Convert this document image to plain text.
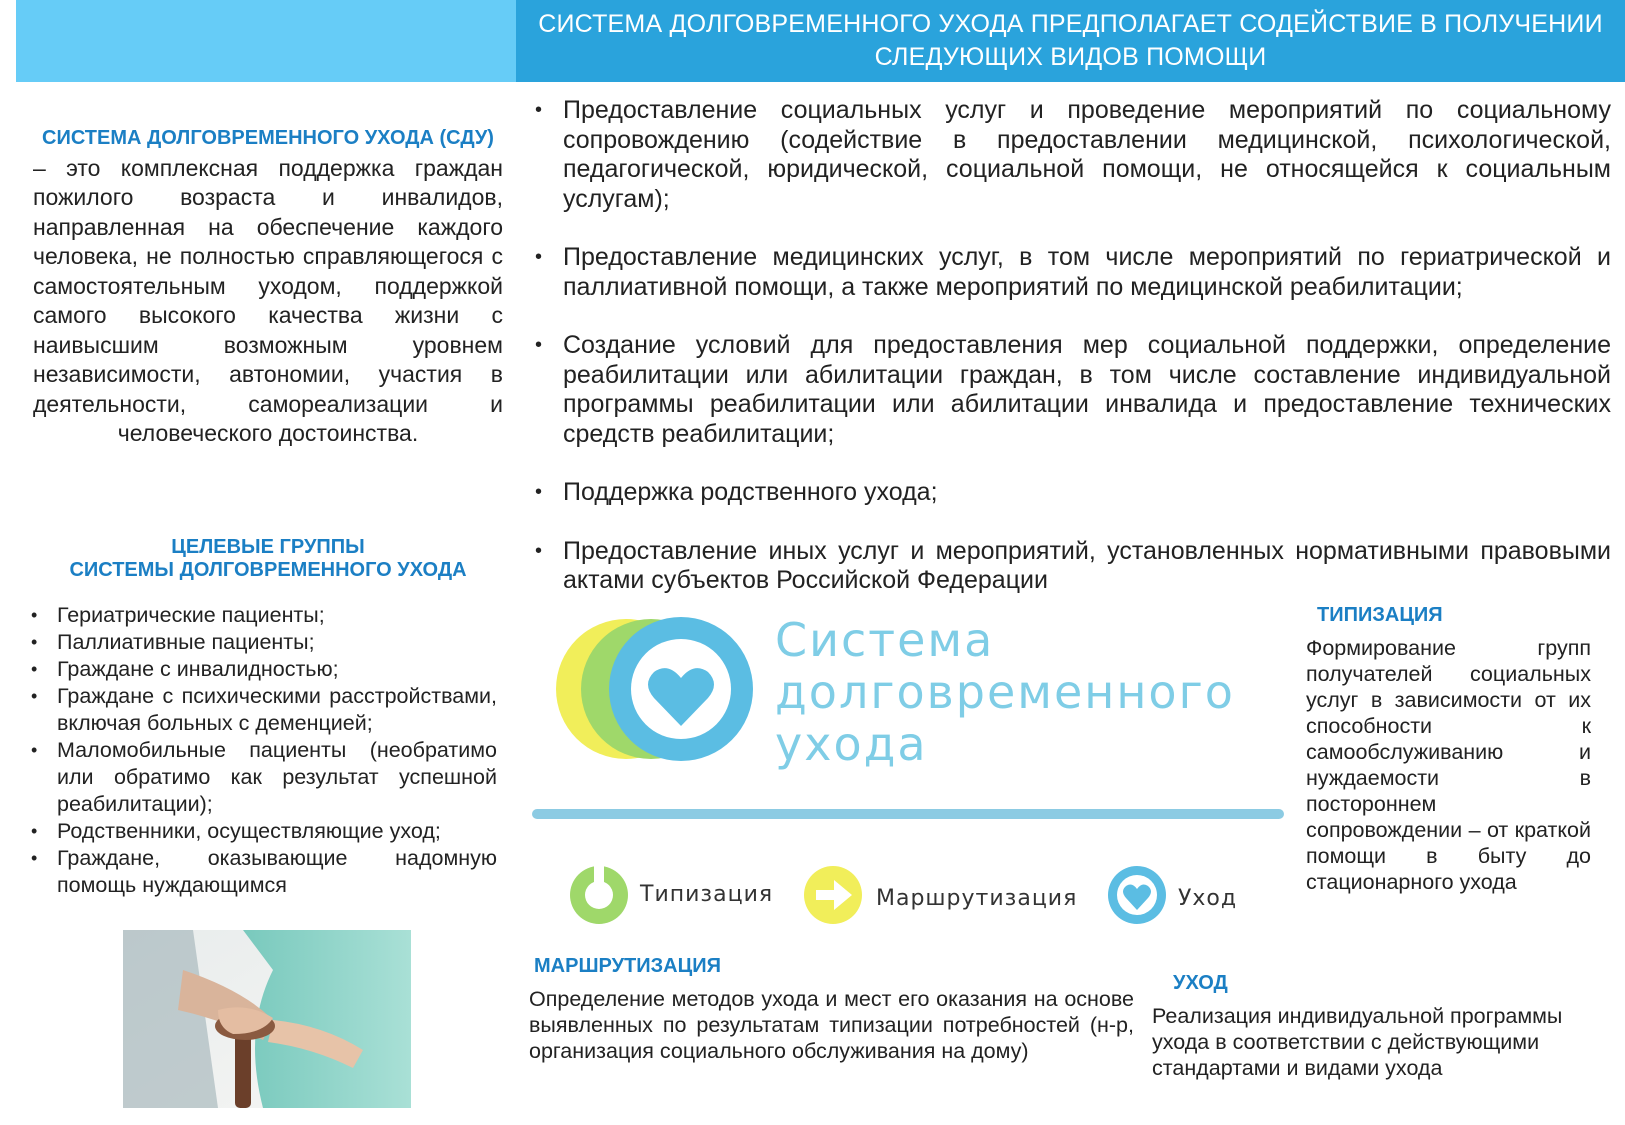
СИСТЕМА ДОЛГОВРЕМЕННОГО УХОДА ПРЕДПОЛАГАЕТ СОДЕЙСТВИЕ В ПОЛУЧЕНИИ СЛЕДУЮЩИХ ВИДОВ ПОМОЩИ
СИСТЕМА ДОЛГОВРЕМЕННОГО УХОДА (СДУ)
– это комплексная поддержка граждан пожилого возраста и инвалидов, направленная на обеспечение каждого человека, не полностью справляющегося с самостоятельным уходом, поддержкой самого высокого качества жизни с наивысшим возможным уровнем независимости, автономии, участия в деятельности, самореализации и человеческого достоинства.
ЦЕЛЕВЫЕ ГРУППЫ
СИСТЕМЫ ДОЛГОВРЕМЕННОГО УХОДА
• Гериатрические пациенты;
• Паллиативные пациенты;
• Граждане с инвалидностью;
• Граждане с психическими расстройствами, включая больных с деменцией;
• Маломобильные пациенты (необратимо или обратимо как результат успешной реабилитации);
• Родственники, осуществляющие уход;
• Граждане, оказывающие надомную помощь нуждающимся
• Предоставление социальных услуг и проведение мероприятий по социальному сопровождению (содействие в предоставлении медицинской, психологической, педагогической, юридической, социальной помощи, не относящейся к социальным услугам);
• Предоставление медицинских услуг, в том числе мероприятий по гериатрической и паллиативной помощи, а также мероприятий по медицинской реабилитации;
• Создание условий для предоставления мер социальной поддержки, определение реабилитации или абилитации граждан, в том числе составление индивидуальной программы реабилитации или абилитации инвалида и предоставление технических средств реабилитации;
• Поддержка родственного ухода;
• Предоставление иных услуг и мероприятий, установленных нормативными правовыми актами субъектов Российской Федерации
Система
долговременного
ухода
Типизация	Маршрутизация	Уход
ТИПИЗАЦИЯ
Формирование групп получателей социальных услуг в зависимости от их способности к самообслуживанию и нуждаемости в постороннем сопровождении – от краткой помощи в быту до стационарного ухода
МАРШРУТИЗАЦИЯ
Определение методов ухода и мест его оказания на основе выявленных по результатам типизации потребностей (н-р, организация социального обслуживания на дому)
УХОД
Реализация индивидуальной программы ухода в соответствии с действующими стандартами и видами ухода
